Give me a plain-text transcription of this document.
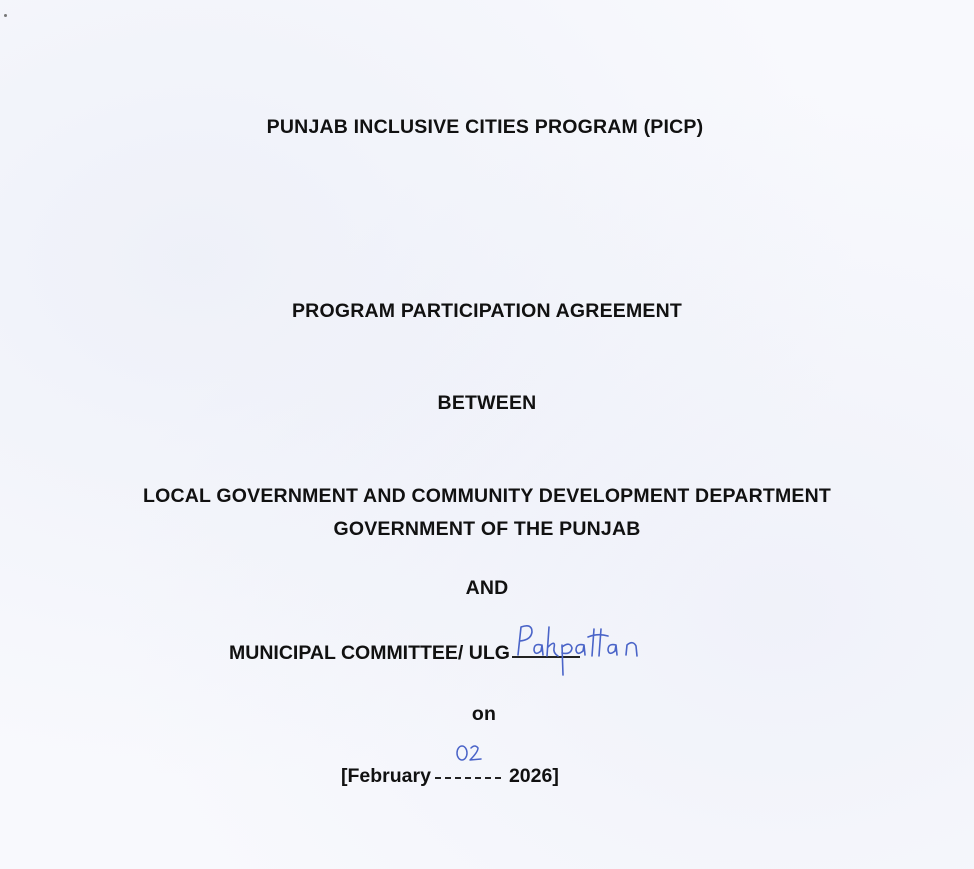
PUNJAB INCLUSIVE CITIES PROGRAM (PICP)
PROGRAM PARTICIPATION AGREEMENT
BETWEEN
LOCAL GOVERNMENT AND COMMUNITY DEVELOPMENT DEPARTMENT
GOVERNMENT OF THE PUNJAB
AND
MUNICIPAL COMMITTEE/ ULG
on
[February	2026]
